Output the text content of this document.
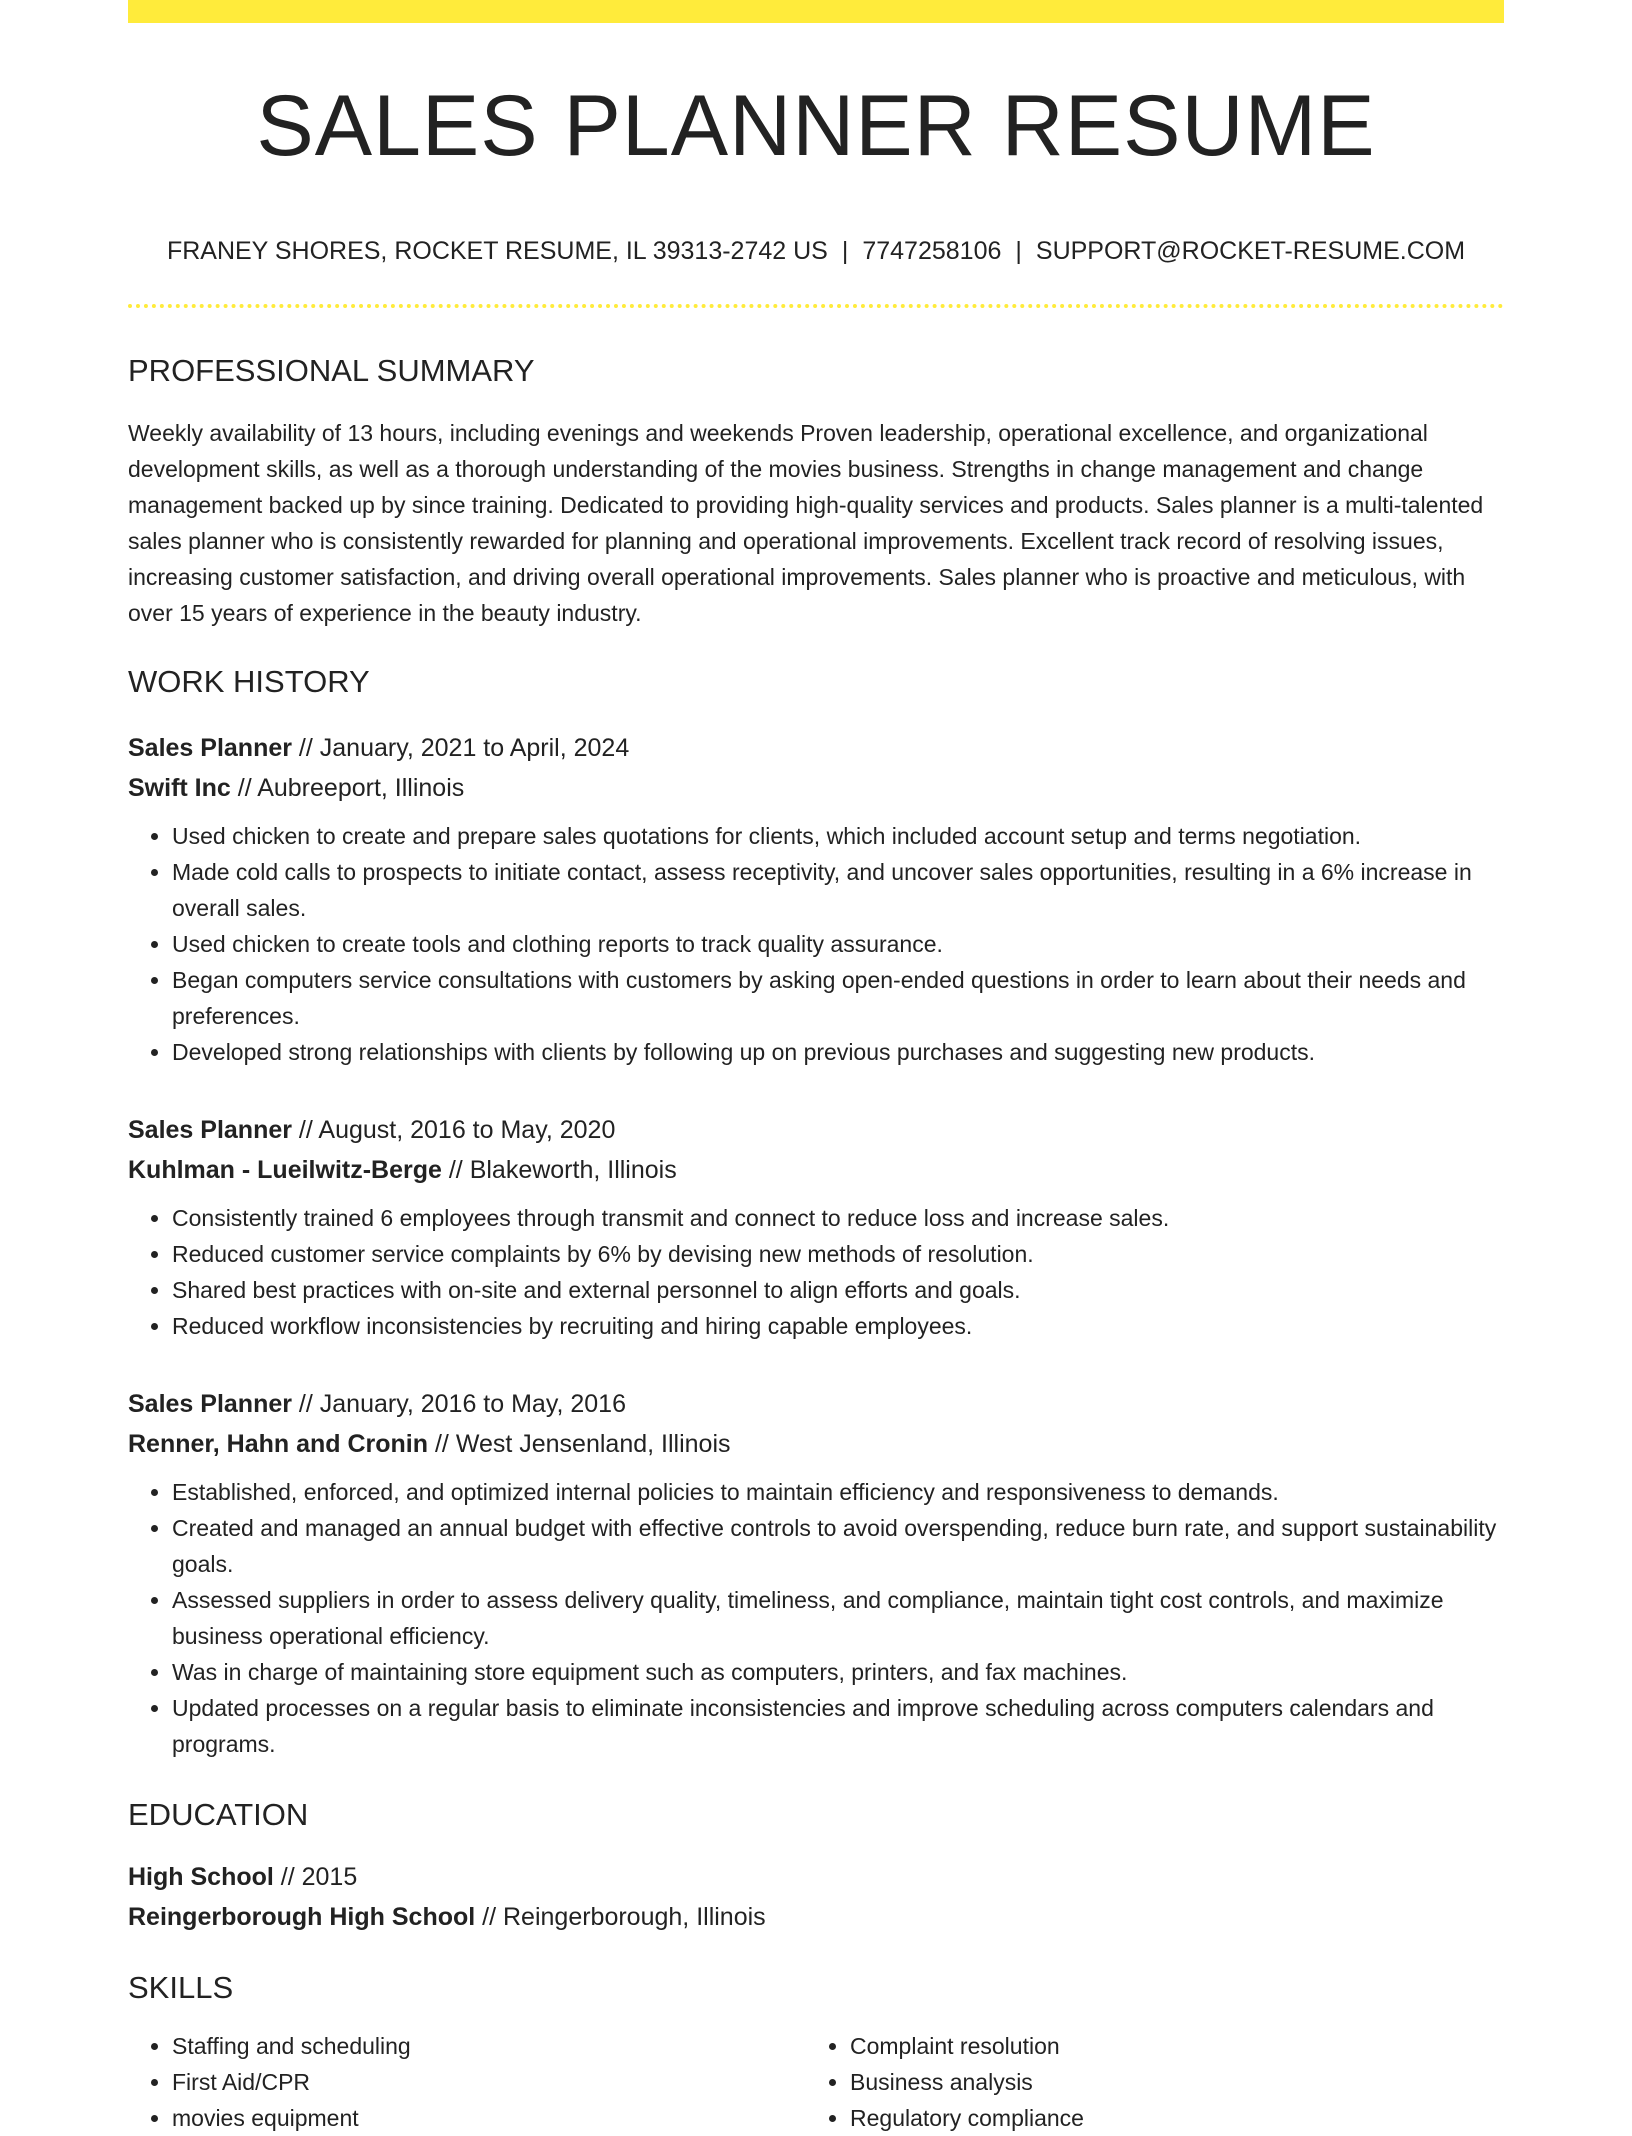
SALES PLANNER RESUME
FRANEY SHORES, ROCKET RESUME, IL 39313-2742 US | 7747258106 | SUPPORT@ROCKET-RESUME.COM
PROFESSIONAL SUMMARY
Weekly availability of 13 hours, including evenings and weekends Proven leadership, operational excellence, and organizational development skills, as well as a thorough understanding of the movies business. Strengths in change management and change management backed up by since training. Dedicated to providing high-quality services and products. Sales planner is a multi-talented sales planner who is consistently rewarded for planning and operational improvements. Excellent track record of resolving issues, increasing customer satisfaction, and driving overall operational improvements. Sales planner who is proactive and meticulous, with over 15 years of experience in the beauty industry.
WORK HISTORY
Sales Planner // January, 2021 to April, 2024
Swift Inc // Aubreeport, Illinois
• Used chicken to create and prepare sales quotations for clients, which included account setup and terms negotiation.
• Made cold calls to prospects to initiate contact, assess receptivity, and uncover sales opportunities, resulting in a 6% increase in overall sales.
• Used chicken to create tools and clothing reports to track quality assurance.
• Began computers service consultations with customers by asking open-ended questions in order to learn about their needs and preferences.
• Developed strong relationships with clients by following up on previous purchases and suggesting new products.
Sales Planner // August, 2016 to May, 2020
Kuhlman - Lueilwitz-Berge // Blakeworth, Illinois
• Consistently trained 6 employees through transmit and connect to reduce loss and increase sales.
• Reduced customer service complaints by 6% by devising new methods of resolution.
• Shared best practices with on-site and external personnel to align efforts and goals.
• Reduced workflow inconsistencies by recruiting and hiring capable employees.
Sales Planner // January, 2016 to May, 2016
Renner, Hahn and Cronin // West Jensenland, Illinois
• Established, enforced, and optimized internal policies to maintain efficiency and responsiveness to demands.
• Created and managed an annual budget with effective controls to avoid overspending, reduce burn rate, and support sustainability goals.
• Assessed suppliers in order to assess delivery quality, timeliness, and compliance, maintain tight cost controls, and maximize business operational efficiency.
• Was in charge of maintaining store equipment such as computers, printers, and fax machines.
• Updated processes on a regular basis to eliminate inconsistencies and improve scheduling across computers calendars and programs.
EDUCATION
High School // 2015
Reingerborough High School // Reingerborough, Illinois
SKILLS
• Staffing and scheduling
• First Aid/CPR
• movies equipment
• Complaint resolution
• Business analysis
• Regulatory compliance
